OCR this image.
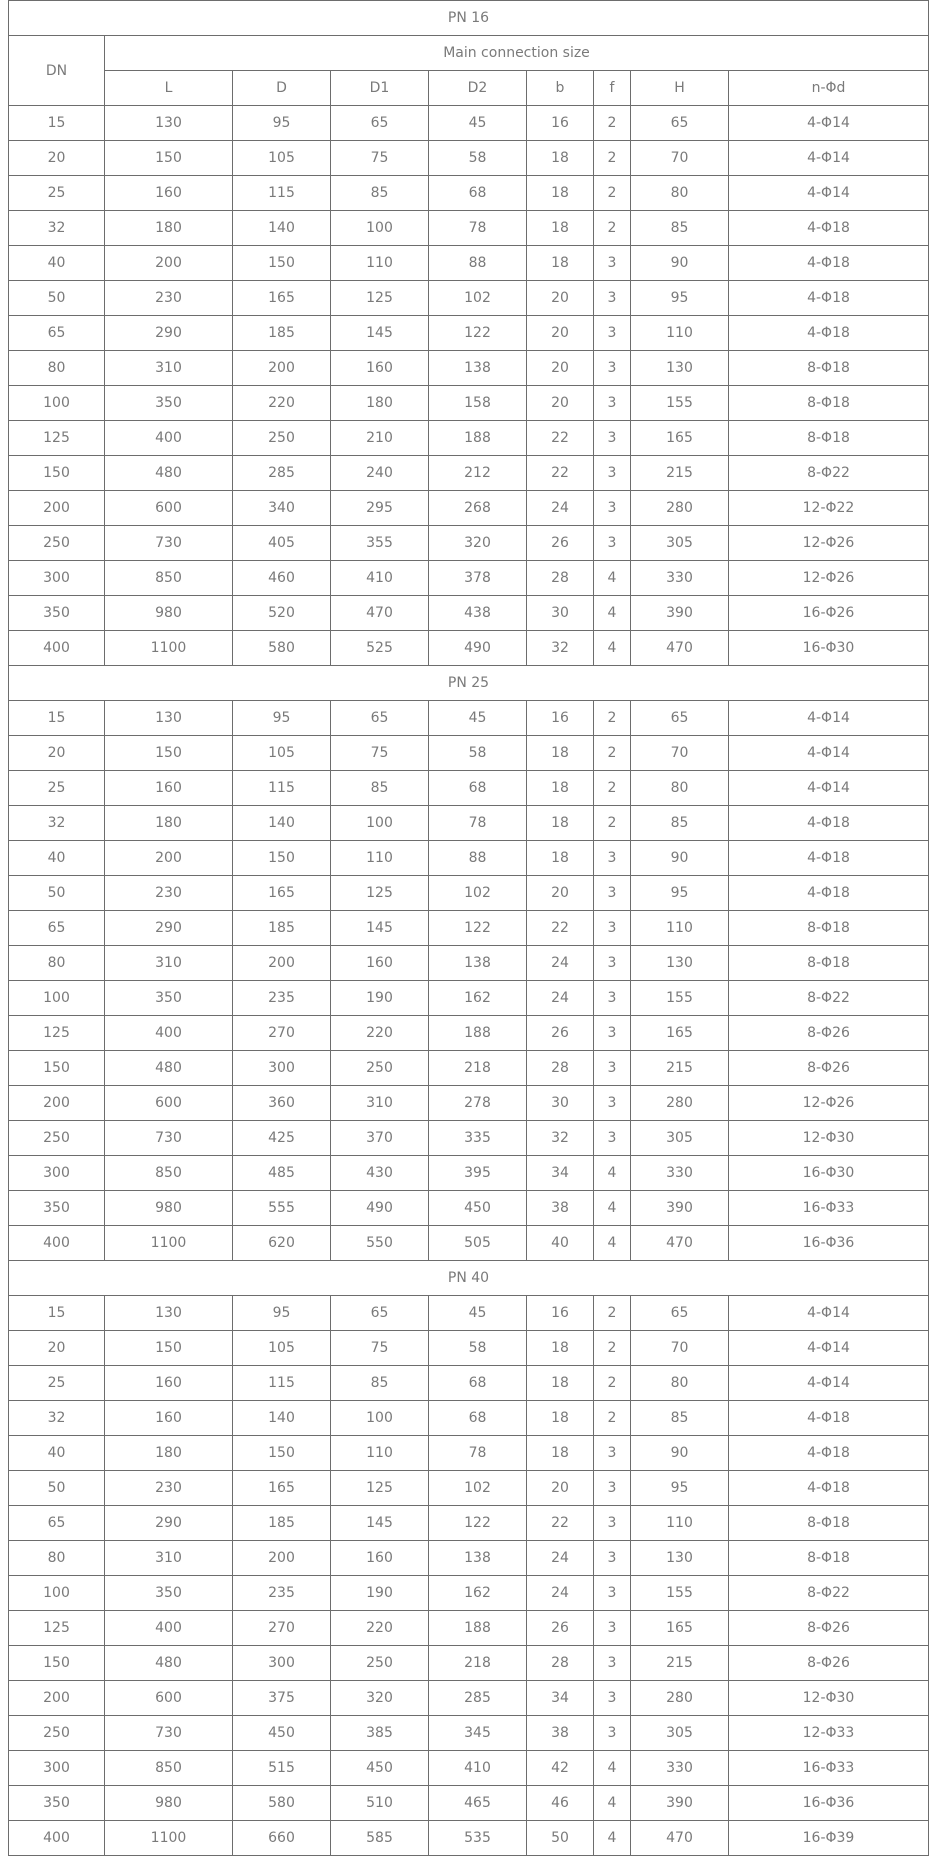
PN 16								
DN	Main connection size							
	L	D	D1	D2	b	f	H	n-Φd
15	130	95	65	45	16	2	65	4-Φ14
20	150	105	75	58	18	2	70	4-Φ14
25	160	115	85	68	18	2	80	4-Φ14
32	180	140	100	78	18	2	85	4-Φ18
40	200	150	110	88	18	3	90	4-Φ18
50	230	165	125	102	20	3	95	4-Φ18
65	290	185	145	122	20	3	110	4-Φ18
80	310	200	160	138	20	3	130	8-Φ18
100	350	220	180	158	20	3	155	8-Φ18
125	400	250	210	188	22	3	165	8-Φ18
150	480	285	240	212	22	3	215	8-Φ22
200	600	340	295	268	24	3	280	12-Φ22
250	730	405	355	320	26	3	305	12-Φ26
300	850	460	410	378	28	4	330	12-Φ26
350	980	520	470	438	30	4	390	16-Φ26
400	1100	580	525	490	32	4	470	16-Φ30
PN 25								
15	130	95	65	45	16	2	65	4-Φ14
20	150	105	75	58	18	2	70	4-Φ14
25	160	115	85	68	18	2	80	4-Φ14
32	180	140	100	78	18	2	85	4-Φ18
40	200	150	110	88	18	3	90	4-Φ18
50	230	165	125	102	20	3	95	4-Φ18
65	290	185	145	122	22	3	110	8-Φ18
80	310	200	160	138	24	3	130	8-Φ18
100	350	235	190	162	24	3	155	8-Φ22
125	400	270	220	188	26	3	165	8-Φ26
150	480	300	250	218	28	3	215	8-Φ26
200	600	360	310	278	30	3	280	12-Φ26
250	730	425	370	335	32	3	305	12-Φ30
300	850	485	430	395	34	4	330	16-Φ30
350	980	555	490	450	38	4	390	16-Φ33
400	1100	620	550	505	40	4	470	16-Φ36
PN 40								
15	130	95	65	45	16	2	65	4-Φ14
20	150	105	75	58	18	2	70	4-Φ14
25	160	115	85	68	18	2	80	4-Φ14
32	160	140	100	68	18	2	85	4-Φ18
40	180	150	110	78	18	3	90	4-Φ18
50	230	165	125	102	20	3	95	4-Φ18
65	290	185	145	122	22	3	110	8-Φ18
80	310	200	160	138	24	3	130	8-Φ18
100	350	235	190	162	24	3	155	8-Φ22
125	400	270	220	188	26	3	165	8-Φ26
150	480	300	250	218	28	3	215	8-Φ26
200	600	375	320	285	34	3	280	12-Φ30
250	730	450	385	345	38	3	305	12-Φ33
300	850	515	450	410	42	4	330	16-Φ33
350	980	580	510	465	46	4	390	16-Φ36
400	1100	660	585	535	50	4	470	16-Φ39
